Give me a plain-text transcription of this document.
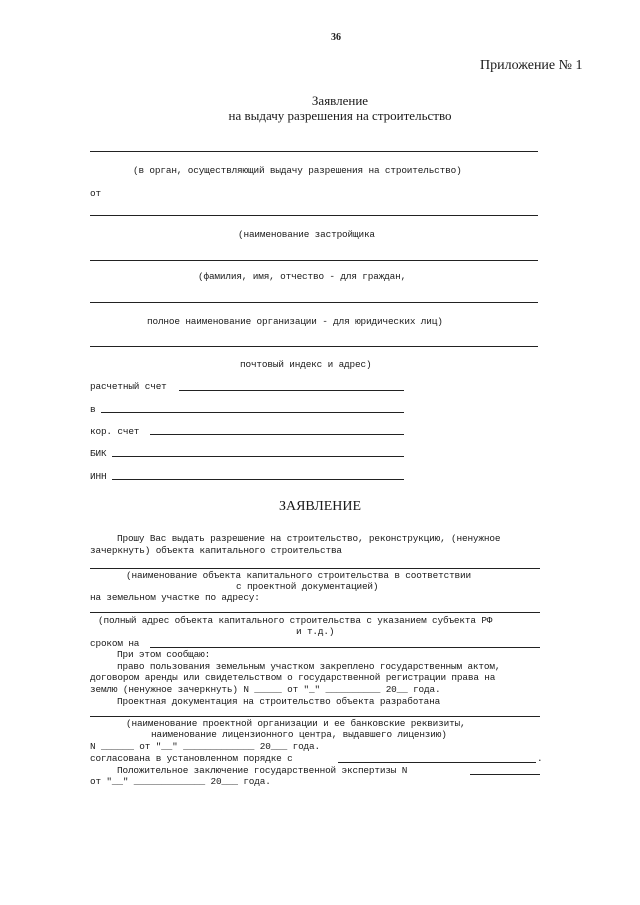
36
Приложение № 1
Заявление
на выдачу разрешения на строительство
(в орган, осуществляющий выдачу разрешения на строительство)
от
(наименование застройщика
(фамилия, имя, отчество - для граждан,
полное наименование организации - для юридических лиц)
почтовый индекс и адрес)
расчетный счет
в
кор. счет
БИК
ИНН
ЗАЯВЛЕНИЕ
Прошу Вас выдать разрешение на строительство, реконструкцию, (ненужное
зачеркнуть) объекта капитального строительства
(наименование объекта капитального строительства в соответствии
с проектной документацией)
на земельном участке по адресу:
(полный адрес объекта капитального строительства с указанием субъекта РФ
и т.д.)
сроком на
При этом сообщаю:
право пользования земельным участком закреплено государственным актом,
договором аренды или свидетельством о государственной регистрации права на
землю (ненужное зачеркнуть) N _____ от "_" __________ 20__ года.
Проектная документация на строительство объекта разработана
(наименование проектной организации и ее банковские реквизиты,
наименование лицензионного центра, выдавшего лицензию)
N ______ от "__" _____________ 20___ года.
согласована в установленном порядке с	.
Положительное заключение государственной экспертизы N
от "__" _____________ 20___ года.
